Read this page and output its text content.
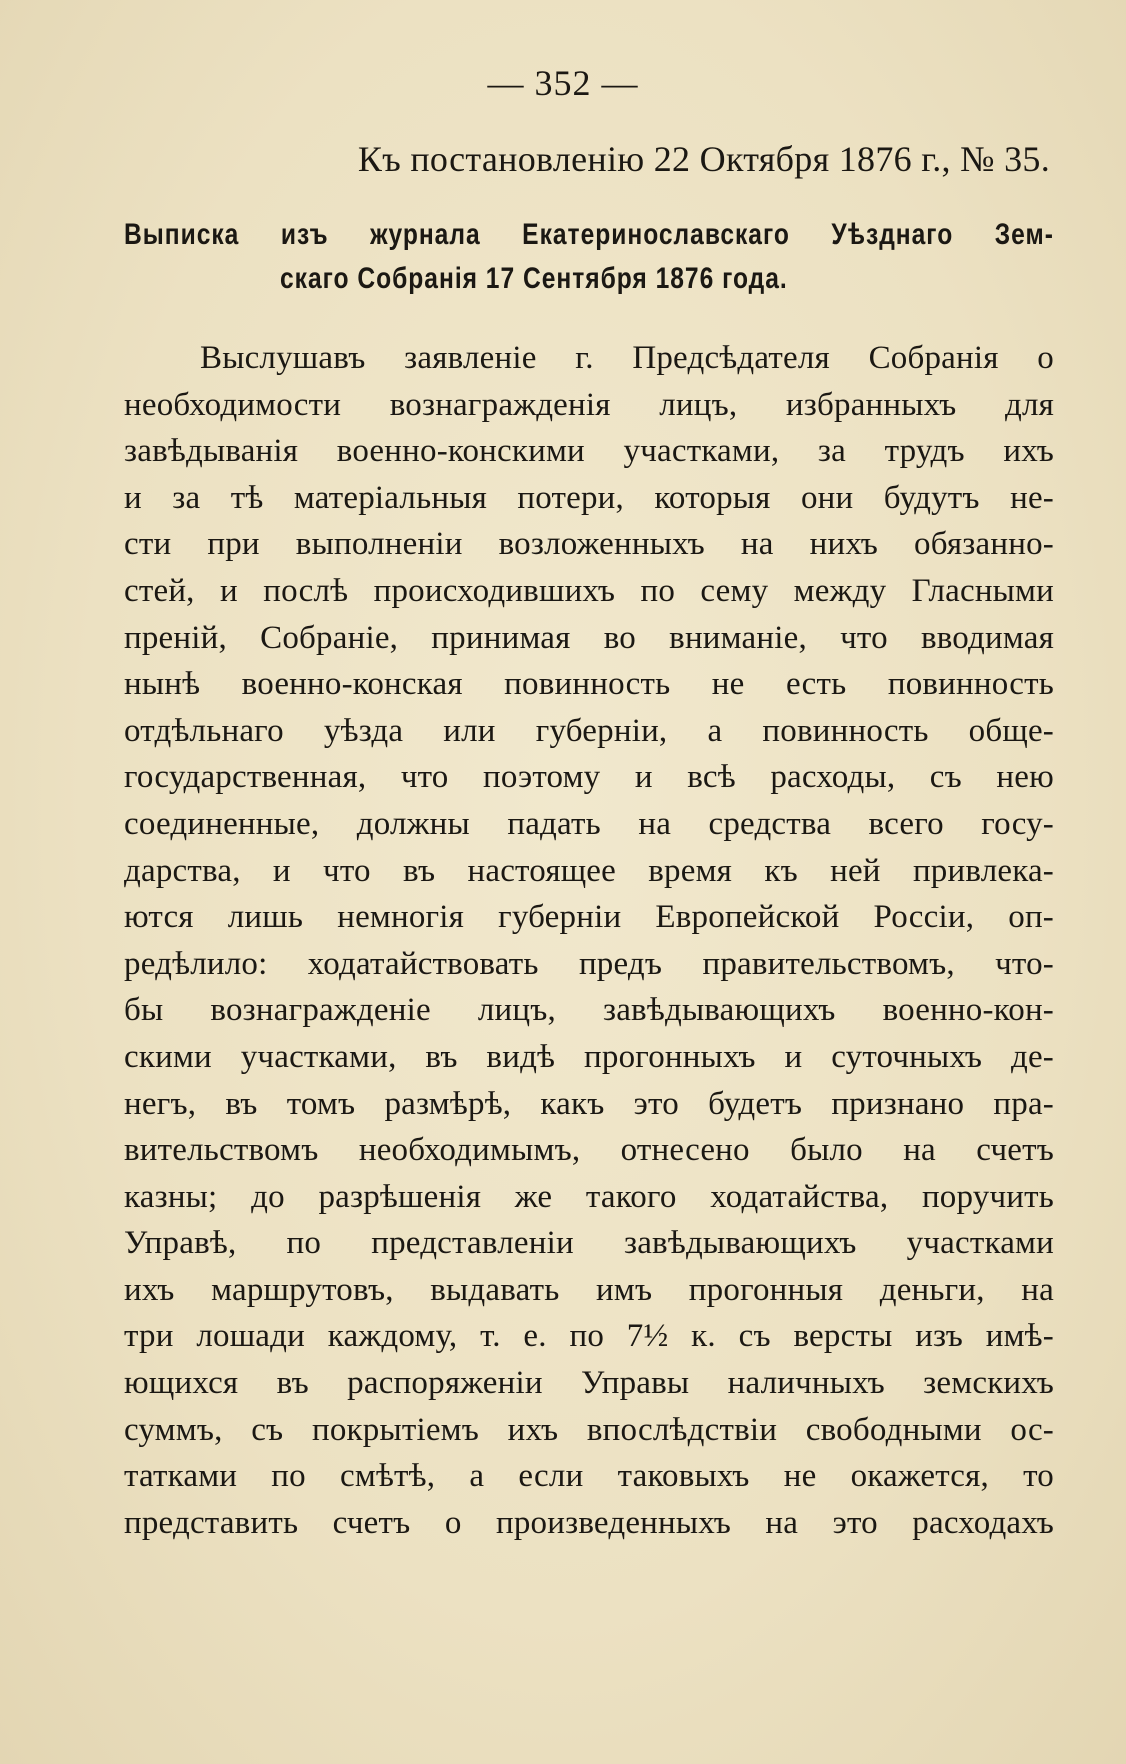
— 352 —
Къ постановленію 22 Октября 1876 г., № 35.
Выписка изъ журнала Екатеринославскаго Уѣзднаго Зем-
скаго Собранія 17 Сентября 1876 года.
Выслушавъ заявленіе г. Предсѣдателя Собранія о
необходимости вознагражденія лицъ, избранныхъ для
завѣдыванія военно-конскими участками, за трудъ ихъ
и за тѣ матеріальныя потери, которыя они будутъ не-
сти при выполненіи возложенныхъ на нихъ обязанно-
стей, и послѣ происходившихъ по сему между Гласными
преній, Собраніе, принимая во вниманіе, что вводимая
нынѣ военно-конская повинность не есть повинность
отдѣльнаго уѣзда или губерніи, а повинность обще-
государственная, что поэтому и всѣ расходы, съ нею
соединенные, должны падать на средства всего госу-
дарства, и что въ настоящее время къ ней привлека-
ются лишь немногія губерніи Европейской Россіи, оп-
редѣлило: ходатайствовать предъ правительствомъ, что-
бы вознагражденіе лицъ, завѣдывающихъ военно-кон-
скими участками, въ видѣ прогонныхъ и суточныхъ де-
негъ, въ томъ размѣрѣ, какъ это будетъ признано пра-
вительствомъ необходимымъ, отнесено было на счетъ
казны; до разрѣшенія же такого ходатайства, поручить
Управѣ, по представленіи завѣдывающихъ участками
ихъ маршрутовъ, выдавать имъ прогонныя деньги, на
три лошади каждому, т. е. по 7½ к. съ версты изъ имѣ-
ющихся въ распоряженіи Управы наличныхъ земскихъ
суммъ, съ покрытіемъ ихъ впослѣдствіи свободными ос-
татками по смѣтѣ, а если таковыхъ не окажется, то
представить счетъ о произведенныхъ на это расходахъ
